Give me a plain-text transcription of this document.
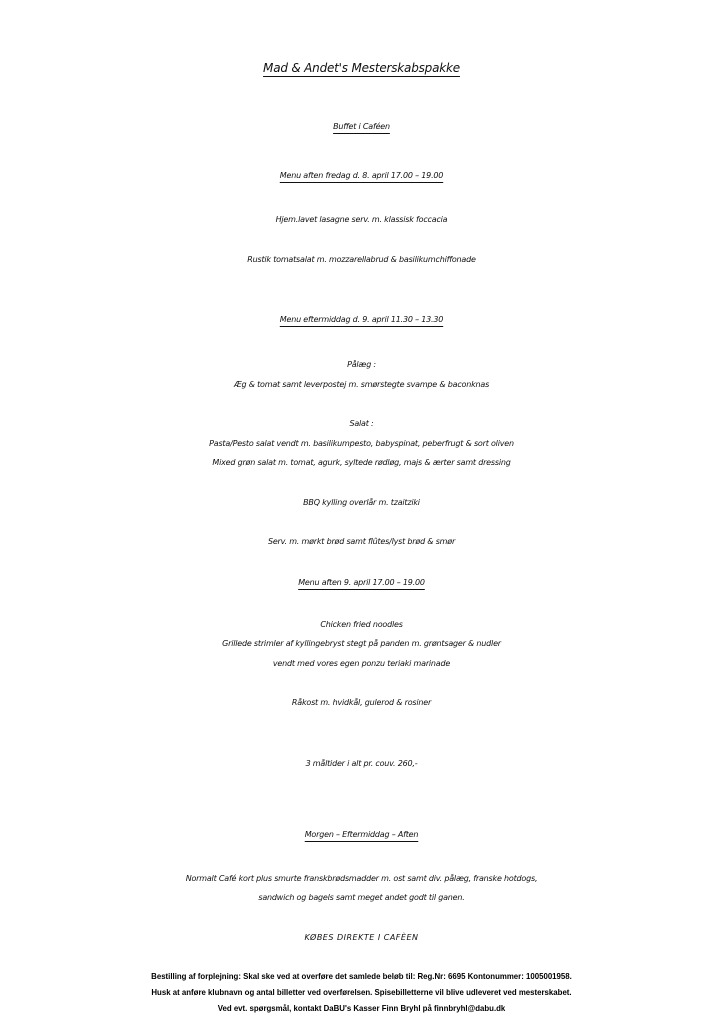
Mad & Andet's Mesterskabspakke
Buffet i Caféen
Menu aften fredag d. 8. april 17.00 – 19.00
Hjem.lavet lasagne serv. m. klassisk foccacia
Rustik tomatsalat m. mozzarellabrud & basilikumchiffonade
Menu eftermiddag d. 9. april 11.30 – 13.30
Pålæg :
Æg & tomat samt leverpostej m. smørstegte svampe & baconknas
Salat :
Pasta/Pesto salat vendt m. basilikumpesto, babyspinat, peberfrugt & sort oliven
Mixed grøn salat m. tomat, agurk, syltede rødløg, majs & ærter samt dressing
BBQ kylling overlår m. tzaitziki
Serv. m. mørkt brød samt flûtes/lyst brød & smør
Menu aften 9. april 17.00 – 19.00
Chicken fried noodles
Grillede strimler af kyllingebryst stegt på panden m. grøntsager & nudler
vendt med vores egen ponzu teriaki marinade
Råkost m. hvidkål, gulerod & rosiner
3 måltider i alt pr. couv. 260,-
Morgen – Eftermiddag – Aften
Normalt Café kort plus smurte franskbrødsmadder m. ost samt div. pålæg, franske hotdogs,
sandwich og bagels samt meget andet godt til ganen.
KØBES DIREKTE I CAFÈEN
Bestilling af forplejning: Skal ske ved at overføre det samlede beløb til: Reg.Nr: 6695 Kontonummer: 1005001958.
Husk at anføre klubnavn og antal billetter ved overførelsen. Spisebilletterne vil blive udleveret ved mesterskabet.
Ved evt. spørgsmål, kontakt DaBU's Kasser Finn Bryhl på finnbryhl@dabu.dk
